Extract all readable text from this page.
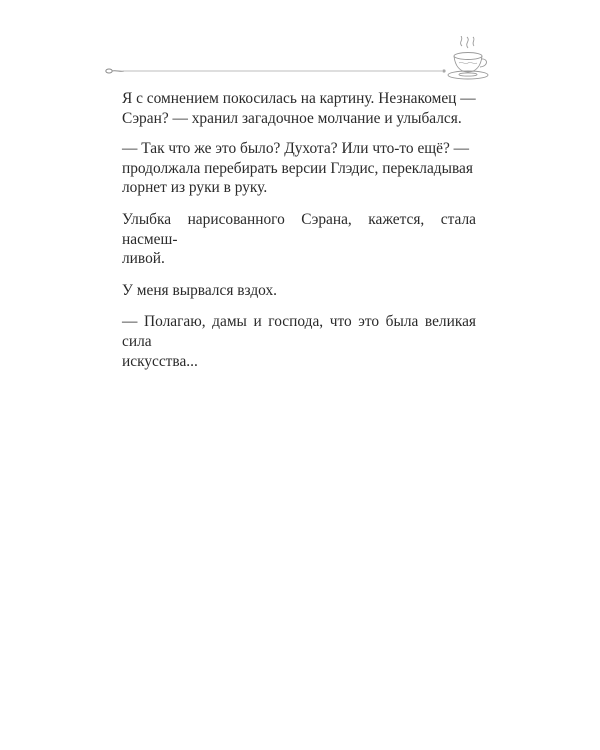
Я с сомнением покосилась на картину. Незнакомец —
Сэран? — хранил загадочное молчание и улыбался.

— Так что же это было? Духота? Или что-то ещё? —
продолжала перебирать версии Глэдис, перекладывая
лорнет из руки в руку.

Улыбка нарисованного Сэрана, кажется, стала насмеш-
ливой.

У меня вырвался вздох.

— Полагаю, дамы и господа, что это была великая сила
искусства...
